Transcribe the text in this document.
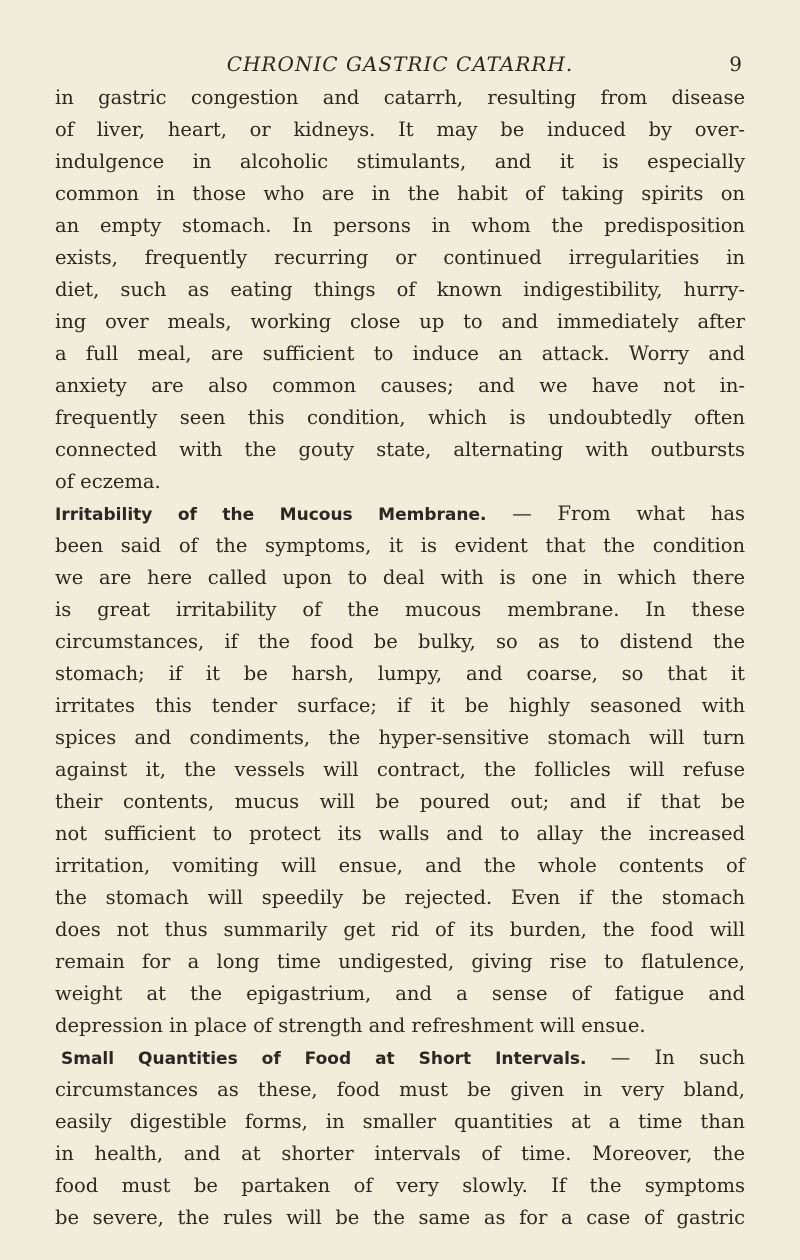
CHRONIC GASTRIC CATARRH.	9
in gastric congestion and catarrh, resulting from disease
of liver, heart, or kidneys. It may be induced by over-
indulgence in alcoholic stimulants, and it is especially
common in those who are in the habit of taking spirits on
an empty stomach. In persons in whom the predisposition
exists, frequently recurring or continued irregularities in
diet, such as eating things of known indigestibility, hurry-
ing over meals, working close up to and immediately after
a full meal, are sufficient to induce an attack. Worry and
anxiety are also common causes; and we have not in-
frequently seen this condition, which is undoubtedly often
connected with the gouty state, alternating with outbursts
of eczema.
Irritability of the Mucous Membrane. — From what has
been said of the symptoms, it is evident that the condition
we are here called upon to deal with is one in which there
is great irritability of the mucous membrane. In these
circumstances, if the food be bulky, so as to distend the
stomach; if it be harsh, lumpy, and coarse, so that it
irritates this tender surface; if it be highly seasoned with
spices and condiments, the hyper-sensitive stomach will turn
against it, the vessels will contract, the follicles will refuse
their contents, mucus will be poured out; and if that be
not sufficient to protect its walls and to allay the increased
irritation, vomiting will ensue, and the whole contents of
the stomach will speedily be rejected. Even if the stomach
does not thus summarily get rid of its burden, the food will
remain for a long time undigested, giving rise to flatulence,
weight at the epigastrium, and a sense of fatigue and
depression in place of strength and refreshment will ensue.
Small Quantities of Food at Short Intervals. — In such
circumstances as these, food must be given in very bland,
easily digestible forms, in smaller quantities at a time than
in health, and at shorter intervals of time. Moreover, the
food must be partaken of very slowly. If the symptoms
be severe, the rules will be the same as for a case of gastric
